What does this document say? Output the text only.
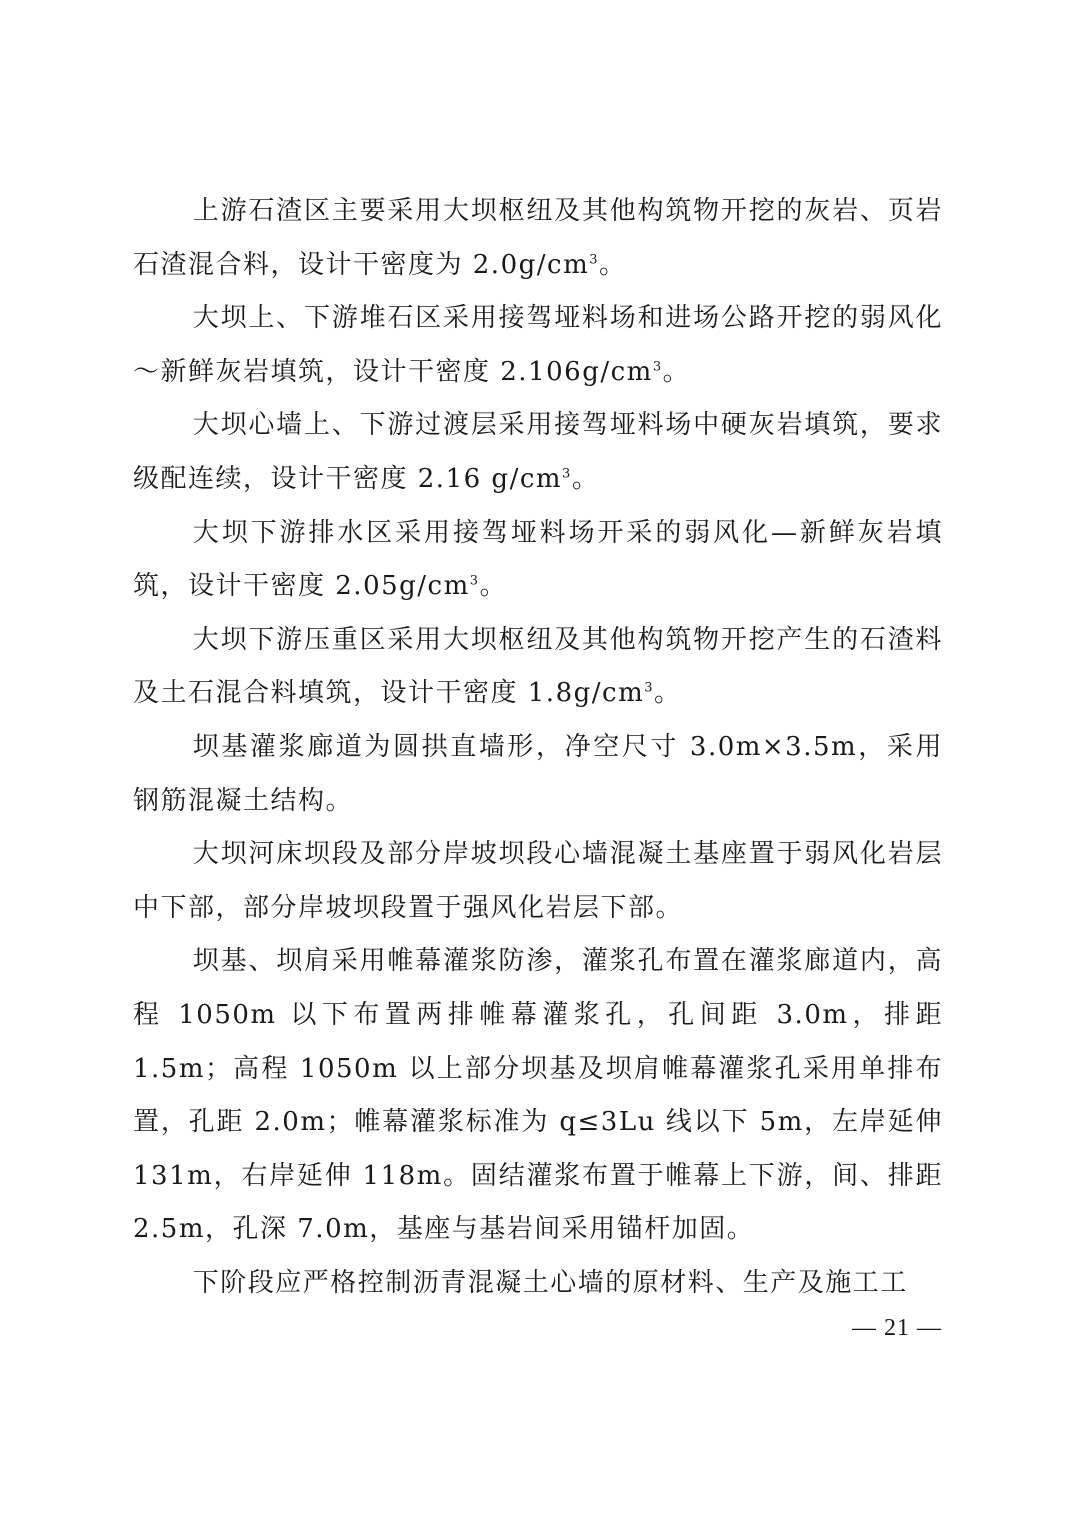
上游石渣区主要采用大坝枢纽及其他构筑物开挖的灰岩、页岩石渣混合料，设计干密度为 $2.0g/cm^3$。

大坝上、下游堆石区采用接驾垭料场和进场公路开挖的弱风化～新鲜灰岩填筑，设计干密度 $2.106g/cm^3$。

大坝心墙上、下游过渡层采用接驾垭料场中硬灰岩填筑，要求级配连续，设计干密度 2.16 $g/cm^3$。

大坝下游排水区采用接驾垭料场开采的弱风化—新鲜灰岩填筑，设计干密度 $2.05g/cm^3$。

大坝下游压重区采用大坝枢纽及其他构筑物开挖产生的石渣料及土石混合料填筑，设计干密度 $1.8g/cm^3$。

坝基灌浆廊道为圆拱直墙形，净空尺寸 3.0m×3.5m，采用钢筋混凝土结构。

大坝河床坝段及部分岸坡坝段心墙混凝土基座置于弱风化岩层中下部，部分岸坡坝段置于强风化岩层下部。

坝基、坝肩采用帷幕灌浆防渗，灌浆孔布置在灌浆廊道内，高程 1050m 以下布置两排帷幕灌浆孔，孔间距 3.0m，排距 1.5m；高程 1050m 以上部分坝基及坝肩帷幕灌浆孔采用单排布置，孔距 2.0m；帷幕灌浆标准为 q≤3Lu 线以下 5m，左岸延伸 131m，右岸延伸 118m。固结灌浆布置于帷幕上下游，间、排距 2.5m，孔深 7.0m，基座与基岩间采用锚杆加固。

下阶段应严格控制沥青混凝土心墙的原材料、生产及施工工

— 21 —
